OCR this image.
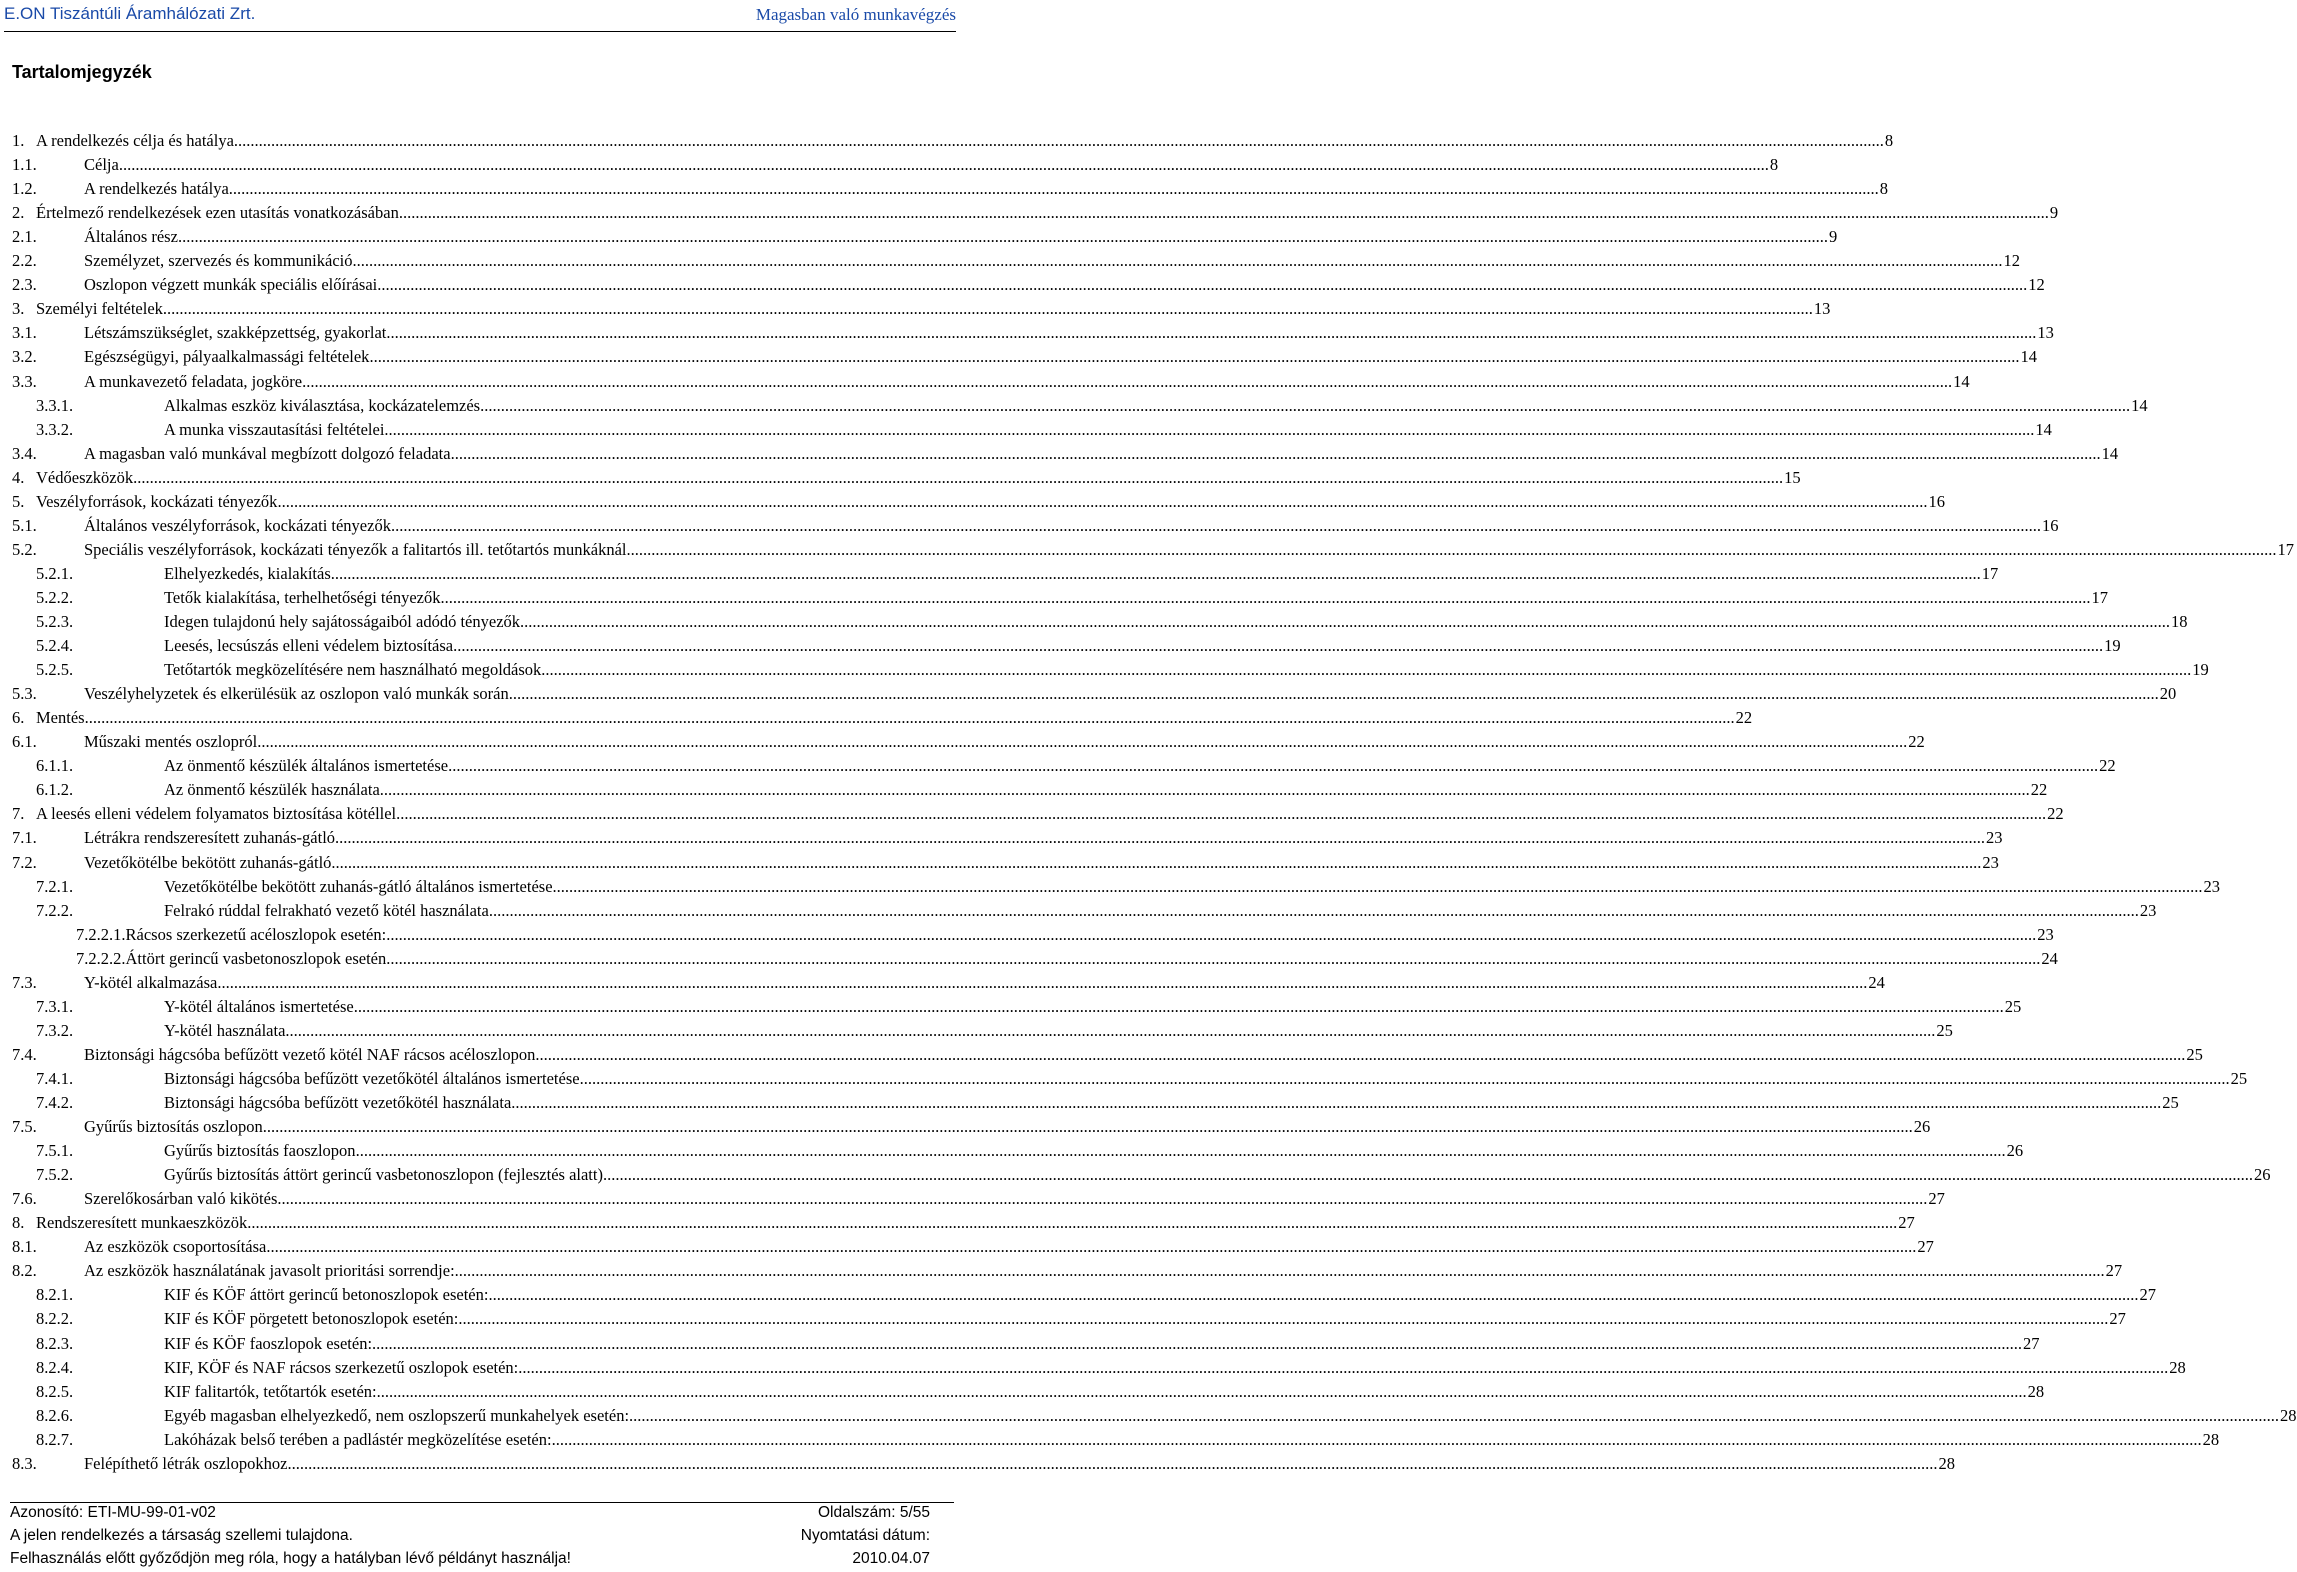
E.ON Tiszántúli Áramhálózati Zrt.	Magasban való munkavégzés
Tartalomjegyzék
1. A rendelkezés célja és hatálya ................................................................................................................................................................................................................................................................................................................................................................................................................ 8
1.1.	Célja ................................................................................................................................................................................................................................................................................................................................................................................................................ 8
1.2.	A rendelkezés hatálya ................................................................................................................................................................................................................................................................................................................................................................................................................ 8
2. Értelmező rendelkezések ezen utasítás vonatkozásában ................................................................................................................................................................................................................................................................................................................................................................................................................ 9
2.1.	Általános rész ................................................................................................................................................................................................................................................................................................................................................................................................................ 9
2.2.	Személyzet, szervezés és kommunikáció ................................................................................................................................................................................................................................................................................................................................................................................................................ 12
2.3.	Oszlopon végzett munkák speciális előírásai ................................................................................................................................................................................................................................................................................................................................................................................................................ 12
3. Személyi feltételek ................................................................................................................................................................................................................................................................................................................................................................................................................ 13
3.1.	Létszámszükséglet, szakképzettség, gyakorlat ................................................................................................................................................................................................................................................................................................................................................................................................................ 13
3.2.	Egészségügyi, pályaalkalmassági feltételek ................................................................................................................................................................................................................................................................................................................................................................................................................ 14
3.3.	A munkavezető feladata, jogköre ................................................................................................................................................................................................................................................................................................................................................................................................................ 14
3.3.1.	Alkalmas eszköz kiválasztása, kockázatelemzés ................................................................................................................................................................................................................................................................................................................................................................................................................ 14
3.3.2.	A munka visszautasítási feltételei ................................................................................................................................................................................................................................................................................................................................................................................................................ 14
3.4.	A magasban való munkával megbízott dolgozó feladata ................................................................................................................................................................................................................................................................................................................................................................................................................ 14
4. Védőeszközök ................................................................................................................................................................................................................................................................................................................................................................................................................ 15
5. Veszélyforrások, kockázati tényezők ................................................................................................................................................................................................................................................................................................................................................................................................................ 16
5.1.	Általános veszélyforrások, kockázati tényezők ................................................................................................................................................................................................................................................................................................................................................................................................................ 16
5.2.	Speciális veszélyforrások, kockázati tényezők a falitartós ill. tetőtartós munkáknál ................................................................................................................................................................................................................................................................................................................................................................................................................ 17
5.2.1.	Elhelyezkedés, kialakítás ................................................................................................................................................................................................................................................................................................................................................................................................................ 17
5.2.2.	Tetők kialakítása, terhelhetőségi tényezők ................................................................................................................................................................................................................................................................................................................................................................................................................ 17
5.2.3.	Idegen tulajdonú hely sajátosságaiból adódó tényezők ................................................................................................................................................................................................................................................................................................................................................................................................................ 18
5.2.4.	Leesés, lecsúszás elleni védelem biztosítása ................................................................................................................................................................................................................................................................................................................................................................................................................ 19
5.2.5.	Tetőtartók megközelítésére nem használható megoldások ................................................................................................................................................................................................................................................................................................................................................................................................................ 19
5.3.	Veszélyhelyzetek és elkerülésük az oszlopon való munkák során ................................................................................................................................................................................................................................................................................................................................................................................................................ 20
6. Mentés ................................................................................................................................................................................................................................................................................................................................................................................................................ 22
6.1.	Műszaki mentés oszlopról ................................................................................................................................................................................................................................................................................................................................................................................................................ 22
6.1.1.	Az önmentő készülék általános ismertetése ................................................................................................................................................................................................................................................................................................................................................................................................................ 22
6.1.2.	Az önmentő készülék használata ................................................................................................................................................................................................................................................................................................................................................................................................................ 22
7. A leesés elleni védelem folyamatos biztosítása kötéllel ................................................................................................................................................................................................................................................................................................................................................................................................................ 22
7.1.	Létrákra rendszeresített zuhanás-gátló ................................................................................................................................................................................................................................................................................................................................................................................................................ 23
7.2.	Vezetőkötélbe bekötött zuhanás-gátló ................................................................................................................................................................................................................................................................................................................................................................................................................ 23
7.2.1.	Vezetőkötélbe bekötött zuhanás-gátló általános ismertetése ................................................................................................................................................................................................................................................................................................................................................................................................................ 23
7.2.2.	Felrakó rúddal felrakható vezető kötél használata ................................................................................................................................................................................................................................................................................................................................................................................................................ 23
7.2.2.1. Rácsos szerkezetű acéloszlopok esetén: ................................................................................................................................................................................................................................................................................................................................................................................................................ 23
7.2.2.2. Áttört gerincű vasbetonoszlopok esetén. ................................................................................................................................................................................................................................................................................................................................................................................................................ 24
7.3.	Y-kötél alkalmazása ................................................................................................................................................................................................................................................................................................................................................................................................................ 24
7.3.1.	Y-kötél általános ismertetése ................................................................................................................................................................................................................................................................................................................................................................................................................ 25
7.3.2.	Y-kötél használata ................................................................................................................................................................................................................................................................................................................................................................................................................ 25
7.4.	Biztonsági hágcsóba befűzött vezető kötél NAF rácsos acéloszlopon ................................................................................................................................................................................................................................................................................................................................................................................................................ 25
7.4.1.	Biztonsági hágcsóba befűzött vezetőkötél általános ismertetése ................................................................................................................................................................................................................................................................................................................................................................................................................ 25
7.4.2.	Biztonsági hágcsóba befűzött vezetőkötél használata ................................................................................................................................................................................................................................................................................................................................................................................................................ 25
7.5.	Gyűrűs biztosítás oszlopon ................................................................................................................................................................................................................................................................................................................................................................................................................ 26
7.5.1.	Gyűrűs biztosítás faoszlopon ................................................................................................................................................................................................................................................................................................................................................................................................................ 26
7.5.2.	Gyűrűs biztosítás áttört gerincű vasbetonoszlopon (fejlesztés alatt) ................................................................................................................................................................................................................................................................................................................................................................................................................ 26
7.6.	Szerelőkosárban való kikötés ................................................................................................................................................................................................................................................................................................................................................................................................................ 27
8. Rendszeresített munkaeszközök ................................................................................................................................................................................................................................................................................................................................................................................................................ 27
8.1.	Az eszközök csoportosítása ................................................................................................................................................................................................................................................................................................................................................................................................................ 27
8.2.	Az eszközök használatának javasolt prioritási sorrendje: ................................................................................................................................................................................................................................................................................................................................................................................................................ 27
8.2.1.	KIF és KÖF áttört gerincű betonoszlopok esetén: ................................................................................................................................................................................................................................................................................................................................................................................................................ 27
8.2.2.	KIF és KÖF pörgetett betonoszlopok esetén: ................................................................................................................................................................................................................................................................................................................................................................................................................ 27
8.2.3.	KIF és KÖF faoszlopok esetén: ................................................................................................................................................................................................................................................................................................................................................................................................................ 27
8.2.4.	KIF, KÖF és NAF rácsos szerkezetű oszlopok esetén: ................................................................................................................................................................................................................................................................................................................................................................................................................ 28
8.2.5.	KIF falitartók, tetőtartók esetén: ................................................................................................................................................................................................................................................................................................................................................................................................................ 28
8.2.6.	Egyéb magasban elhelyezkedő, nem oszlopszerű munkahelyek esetén: ................................................................................................................................................................................................................................................................................................................................................................................................................ 28
8.2.7.	Lakóházak belső terében a padlástér megközelítése esetén: ................................................................................................................................................................................................................................................................................................................................................................................................................ 28
8.3.	Felépíthető létrák oszlopokhoz ................................................................................................................................................................................................................................................................................................................................................................................................................ 28
Azonosító: ETI-MU-99-01-v02	Oldalszám: 5/55
A jelen rendelkezés a társaság szellemi tulajdona.	Nyomtatási dátum:
Felhasználás előtt győződjön meg róla, hogy a hatályban lévő példányt használja!	2010.04.07
